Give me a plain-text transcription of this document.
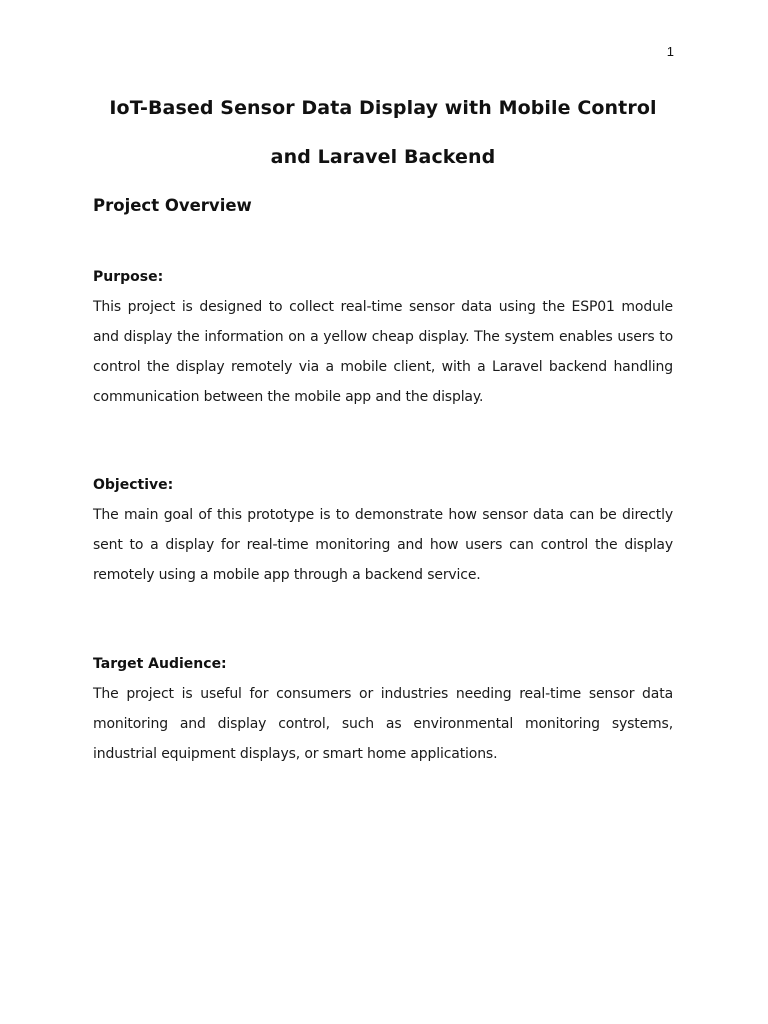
1
IoT-Based Sensor Data Display with Mobile Control and Laravel Backend
Project Overview

Purpose:

This project is designed to collect real-time sensor data using the ESP01 module and display the information on a yellow cheap display. The system enables users to control the display remotely via a mobile client, with a Laravel backend handling communication between the mobile app and the display.

Objective:

The main goal of this prototype is to demonstrate how sensor data can be directly sent to a display for real-time monitoring and how users can control the display remotely using a mobile app through a backend service.

Target Audience:

The project is useful for consumers or industries needing real-time sensor data monitoring and display control, such as environmental monitoring systems, industrial equipment displays, or smart home applications.
